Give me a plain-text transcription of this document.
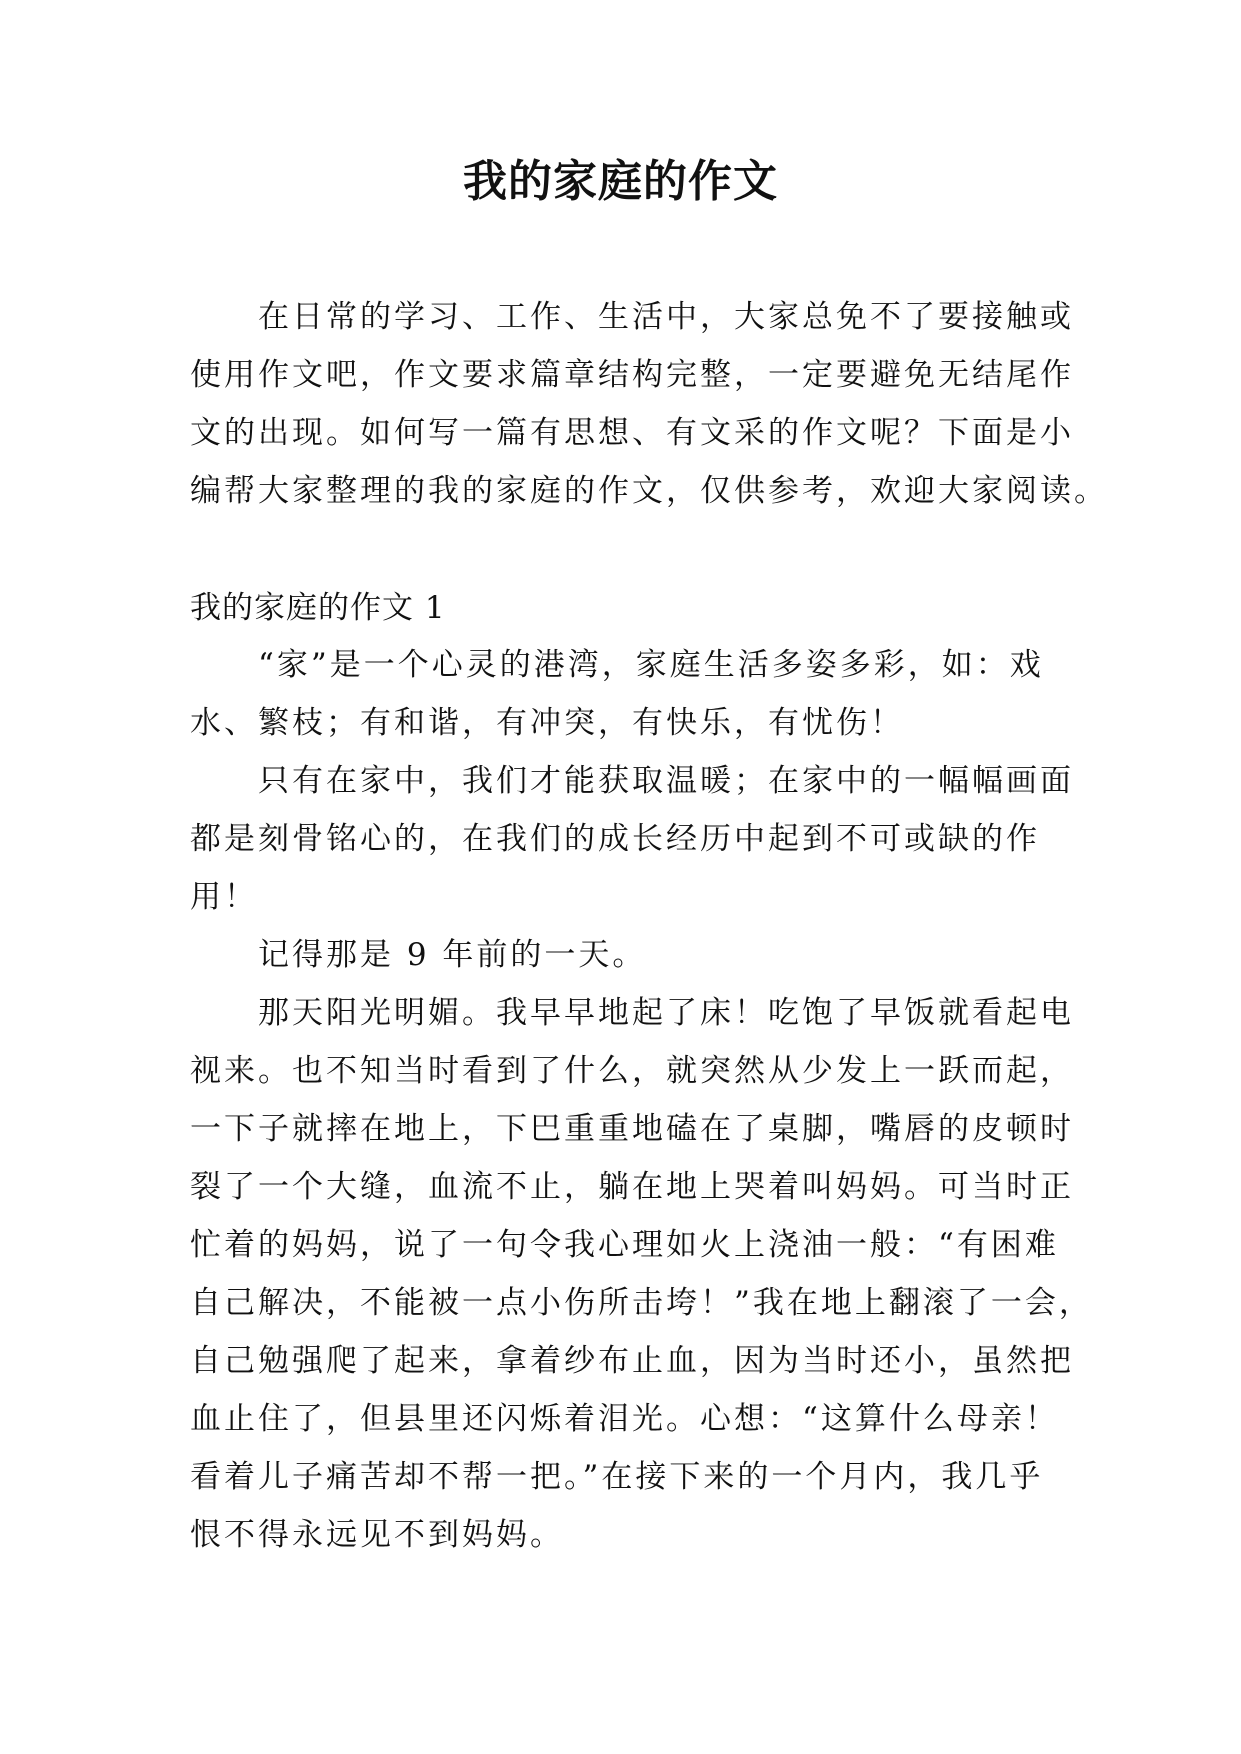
我的家庭的作文
在日常的学习、工作、生活中，大家总免不了要接触或
使用作文吧，作文要求篇章结构完整，一定要避免无结尾作
文的出现。如何写一篇有思想、有文采的作文呢？下面是小
编帮大家整理的我的家庭的作文，仅供参考，欢迎大家阅读。
我的家庭的作文 1
“家”是一个心灵的港湾，家庭生活多姿多彩，如：戏
水、繁枝；有和谐，有冲突，有快乐，有忧伤！
只有在家中，我们才能获取温暖；在家中的一幅幅画面
都是刻骨铭心的，在我们的成长经历中起到不可或缺的作
用！
记得那是 9 年前的一天。
那天阳光明媚。我早早地起了床！吃饱了早饭就看起电
视来。也不知当时看到了什么，就突然从少发上一跃而起，
一下子就摔在地上，下巴重重地磕在了桌脚，嘴唇的皮顿时
裂了一个大缝，血流不止，躺在地上哭着叫妈妈。可当时正
忙着的妈妈，说了一句令我心理如火上浇油一般：“有困难
自己解决，不能被一点小伤所击垮！”我在地上翻滚了一会，
自己勉强爬了起来，拿着纱布止血，因为当时还小，虽然把
血止住了，但县里还闪烁着泪光。心想：“这算什么母亲！
看着儿子痛苦却不帮一把。”在接下来的一个月内，我几乎
恨不得永远见不到妈妈。
